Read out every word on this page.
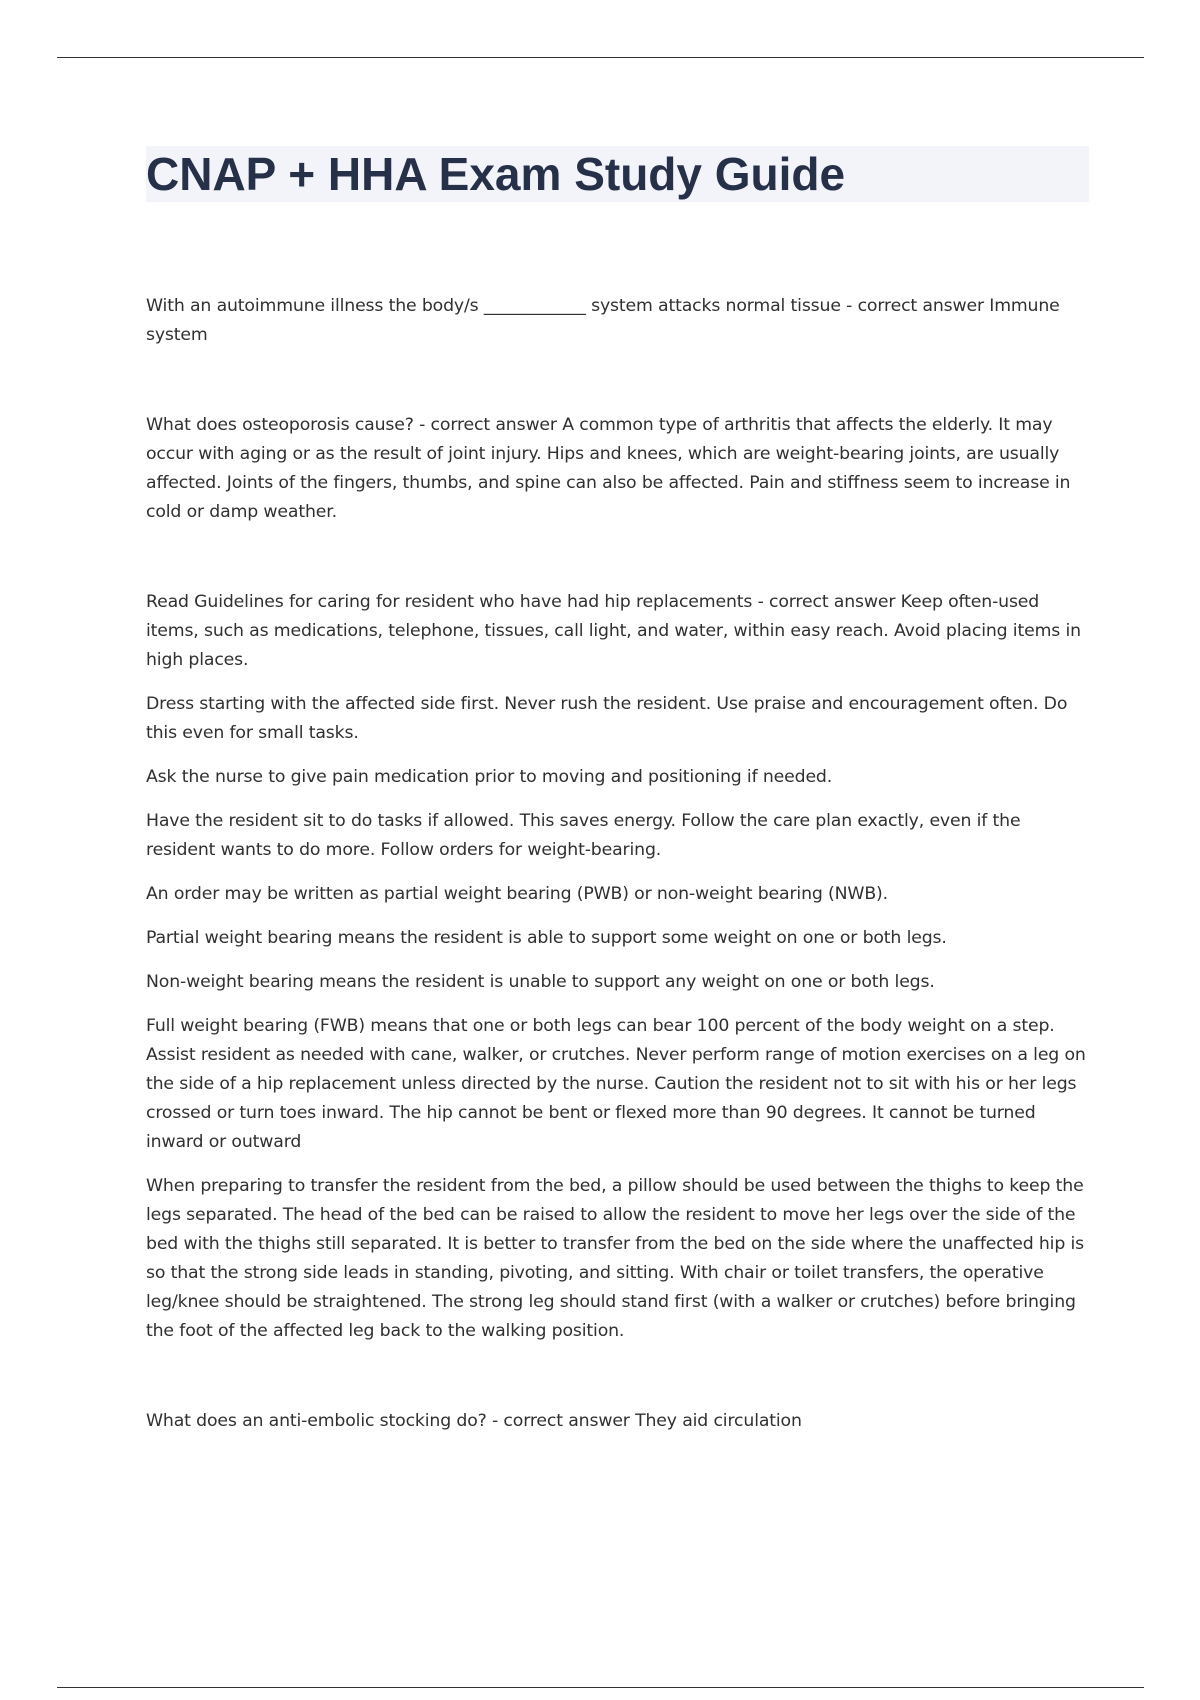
CNAP + HHA Exam Study Guide

With an autoimmune illness the body/s ____________ system attacks normal tissue - correct answer Immune system

What does osteoporosis cause? - correct answer A common type of arthritis that affects the elderly. It may occur with aging or as the result of joint injury. Hips and knees, which are weight-bearing joints, are usually affected. Joints of the fingers, thumbs, and spine can also be affected. Pain and stiffness seem to increase in cold or damp weather.

Read Guidelines for caring for resident who have had hip replacements - correct answer Keep often-used items, such as medications, telephone, tissues, call light, and water, within easy reach. Avoid placing items in high places.

Dress starting with the affected side first. Never rush the resident. Use praise and encouragement often. Do this even for small tasks.

Ask the nurse to give pain medication prior to moving and positioning if needed.

Have the resident sit to do tasks if allowed. This saves energy. Follow the care plan exactly, even if the resident wants to do more. Follow orders for weight-bearing.

An order may be written as partial weight bearing (PWB) or non-weight bearing (NWB).

Partial weight bearing means the resident is able to support some weight on one or both legs.

Non-weight bearing means the resident is unable to support any weight on one or both legs.

Full weight bearing (FWB) means that one or both legs can bear 100 percent of the body weight on a step. Assist resident as needed with cane, walker, or crutches. Never perform range of motion exercises on a leg on the side of a hip replacement unless directed by the nurse. Caution the resident not to sit with his or her legs crossed or turn toes inward. The hip cannot be bent or flexed more than 90 degrees. It cannot be turned inward or outward

When preparing to transfer the resident from the bed, a pillow should be used between the thighs to keep the legs separated. The head of the bed can be raised to allow the resident to move her legs over the side of the bed with the thighs still separated. It is better to transfer from the bed on the side where the unaffected hip is so that the strong side leads in standing, pivoting, and sitting. With chair or toilet transfers, the operative leg/knee should be straightened. The strong leg should stand first (with a walker or crutches) before bringing the foot of the affected leg back to the walking position.

What does an anti-embolic stocking do? - correct answer They aid circulation
